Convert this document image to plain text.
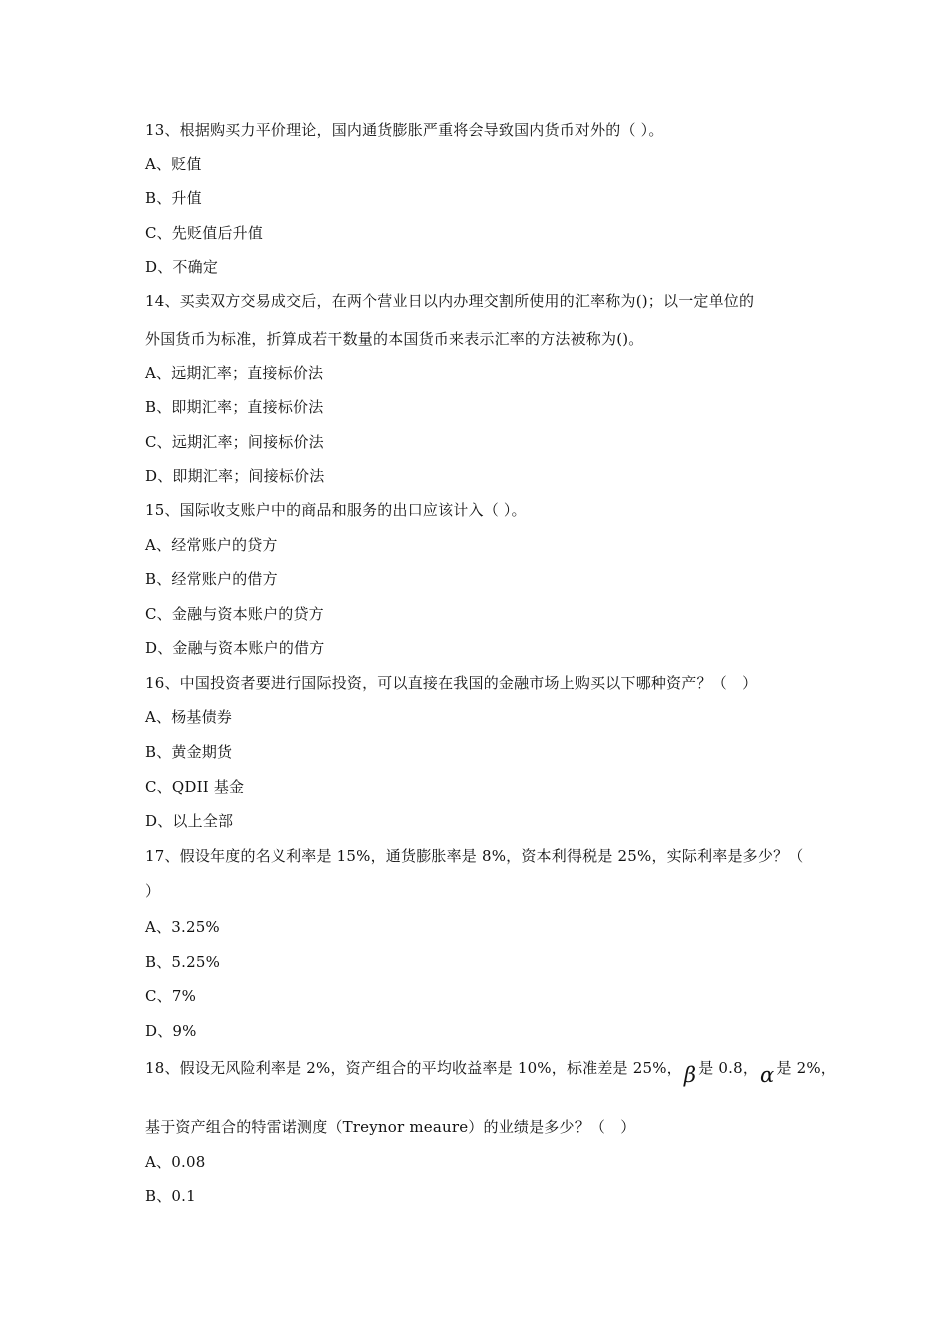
13、根据购买力平价理论，国内通货膨胀严重将会导致国内货币对外的（ ）。
A、贬值
B、升值
C、先贬值后升值
D、不确定
14、买卖双方交易成交后，在两个营业日以内办理交割所使用的汇率称为()；以一定单位的
外国货币为标准，折算成若干数量的本国货币来表示汇率的方法被称为()。
A、远期汇率；直接标价法
B、即期汇率；直接标价法
C、远期汇率；间接标价法
D、即期汇率；间接标价法
15、国际收支账户中的商品和服务的出口应该计入（ ）。
A、经常账户的贷方
B、经常账户的借方
C、金融与资本账户的贷方
D、金融与资本账户的借方
16、中国投资者要进行国际投资，可以直接在我国的金融市场上购买以下哪种资产？（　）
A、杨基债券
B、黄金期货
C、QDII 基金
D、以上全部
17、假设年度的名义利率是 15%，通货膨胀率是 8%，资本利得税是 25%，实际利率是多少？（
）
A、3.25%
B、5.25%
C、7%
D、9%
18、假设无风险利率是 2%，资产组合的平均收益率是 10%，标准差是 25%，β 是 0.8，α 是 2%，
基于资产组合的特雷诺测度（Treynor meaure）的业绩是多少？（　）
A、0.08
B、0.1
